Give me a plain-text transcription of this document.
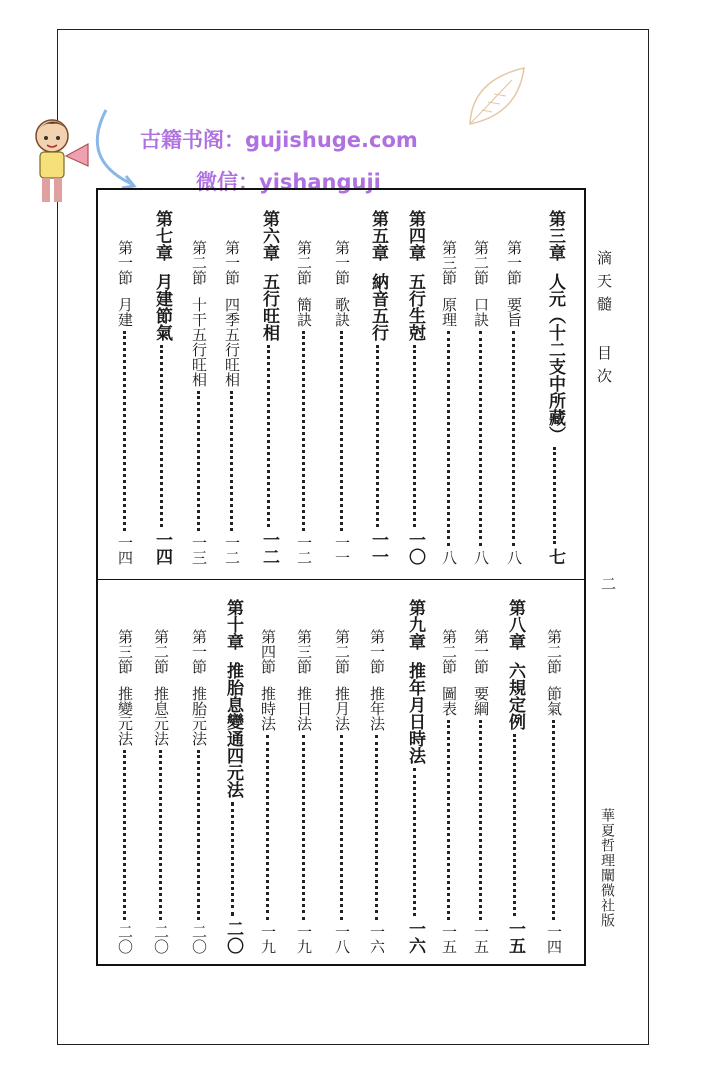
古籍书阁：gujishuge.com
微信：yishanguji
滴天髓 目次
二
華夏哲理闡微社版
第三章
人元（十二支中所藏）
七
第一節
要旨
八
第二節
口訣
八
第三節
原理
八
第四章
五行生尅
一〇
第五章
納音五行
一一
第一節
歌訣
一一
第二節
簡訣
一二
第六章
五行旺相
一二
第一節
四季五行旺相
一二
第二節
十干五行旺相
一三
第七章
月建節氣
一四
第一節
月建
一四
第二節
節氣
一四
第八章
六規定例
一五
第一節
要綱
一五
第二節
圖表
一五
第九章
推年月日時法
一六
第一節
推年法
一六
第二節
推月法
一八
第三節
推日法
一九
第四節
推時法
一九
第十章
推胎息變通四元法
二〇
第一節
推胎元法
二〇
第二節
推息元法
二〇
第三節
推變元法
二〇
